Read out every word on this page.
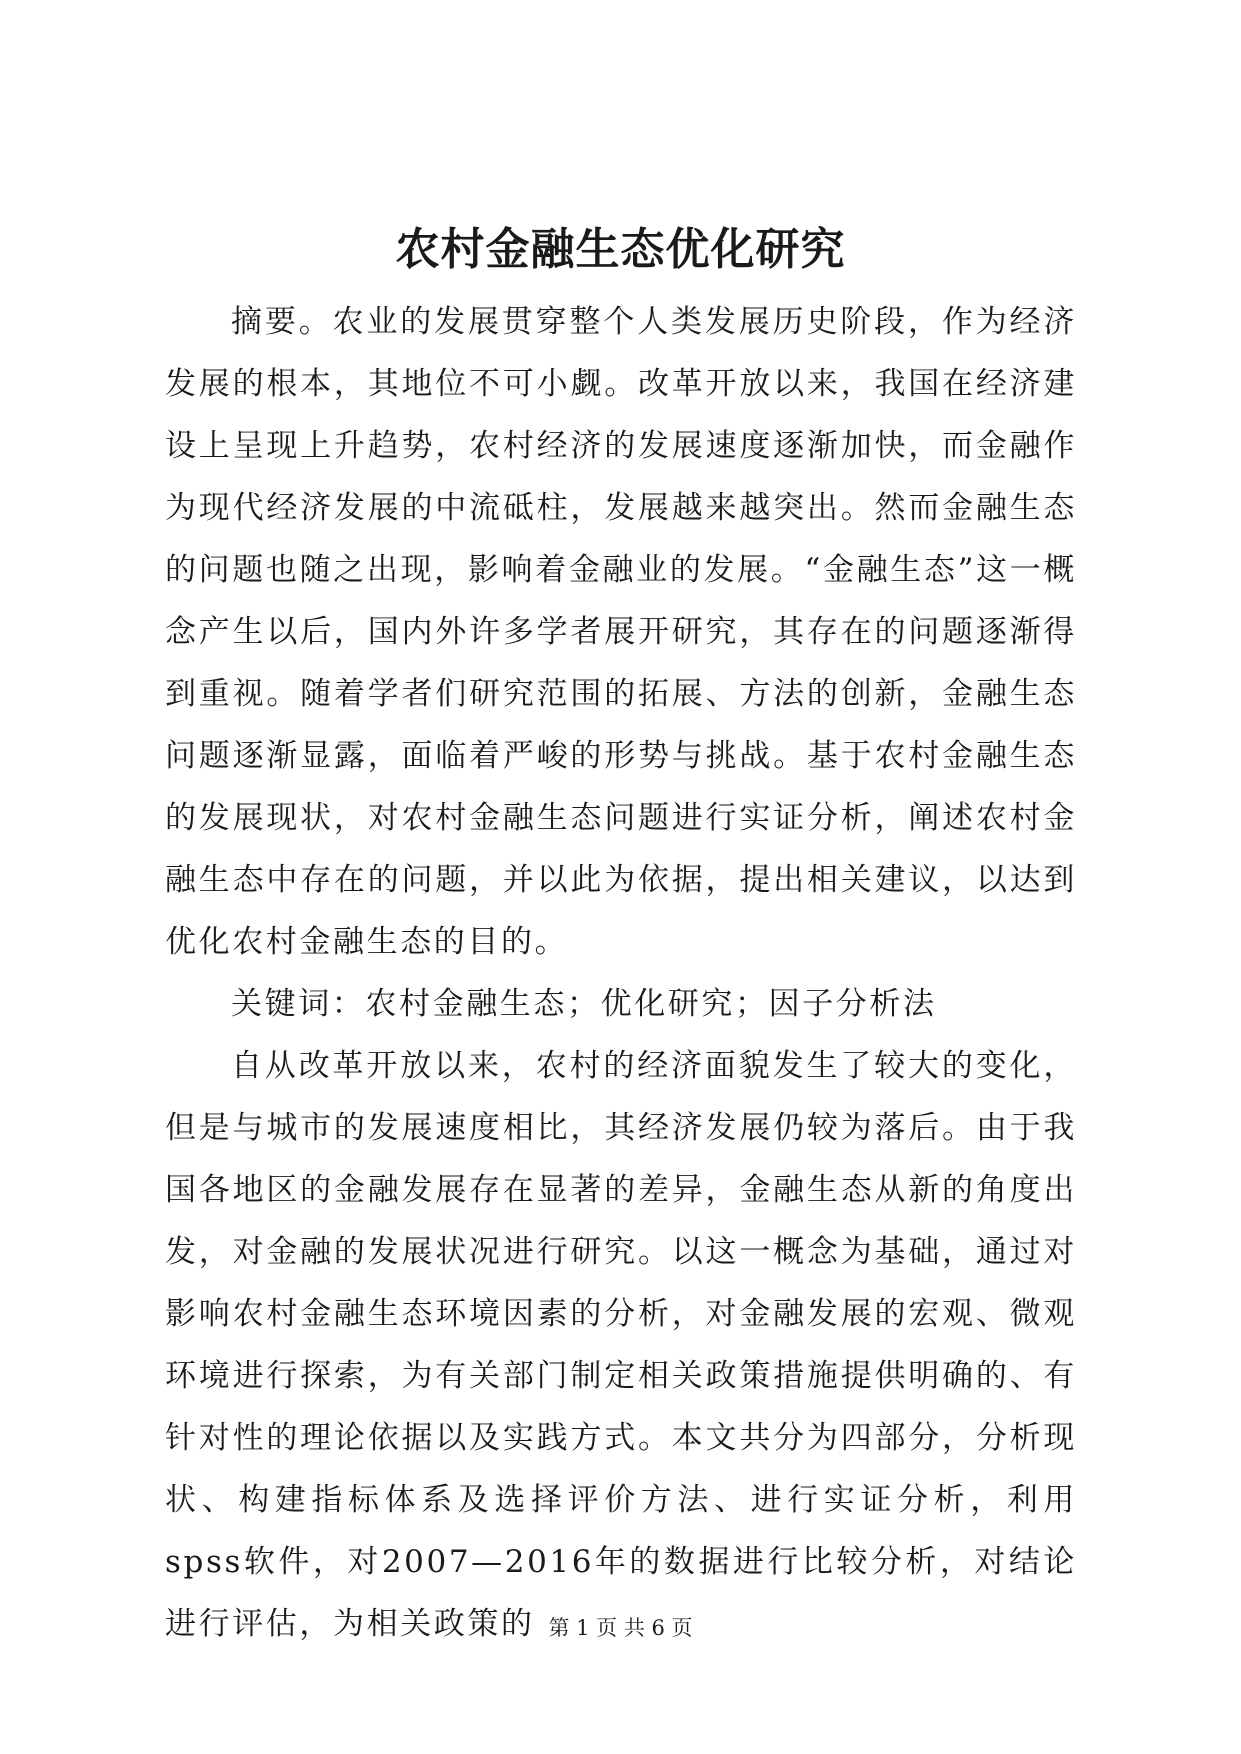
农村金融生态优化研究

摘要。农业的发展贯穿整个人类发展历史阶段，作为经济发展的根本，其地位不可小觑。改革开放以来，我国在经济建设上呈现上升趋势，农村经济的发展速度逐渐加快，而金融作为现代经济发展的中流砥柱，发展越来越突出。然而金融生态的问题也随之出现，影响着金融业的发展。“金融生态”这一概念产生以后，国内外许多学者展开研究，其存在的问题逐渐得到重视。随着学者们研究范围的拓展、方法的创新，金融生态问题逐渐显露，面临着严峻的形势与挑战。基于农村金融生态的发展现状，对农村金融生态问题进行实证分析，阐述农村金融生态中存在的问题，并以此为依据，提出相关建议，以达到优化农村金融生态的目的。

关键词：农村金融生态；优化研究；因子分析法

自从改革开放以来，农村的经济面貌发生了较大的变化，但是与城市的发展速度相比，其经济发展仍较为落后。由于我国各地区的金融发展存在显著的差异，金融生态从新的角度出发，对金融的发展状况进行研究。以这一概念为基础，通过对影响农村金融生态环境因素的分析，对金融发展的宏观、微观环境进行探索，为有关部门制定相关政策措施提供明确的、有针对性的理论依据以及实践方式。本文共分为四部分，分析现状、构建指标体系及选择评价方法、进行实证分析，利用spss软件，对2007—2016年的数据进行比较分析，对结论进行评估，为相关政策的 第 1 页 共 6 页
